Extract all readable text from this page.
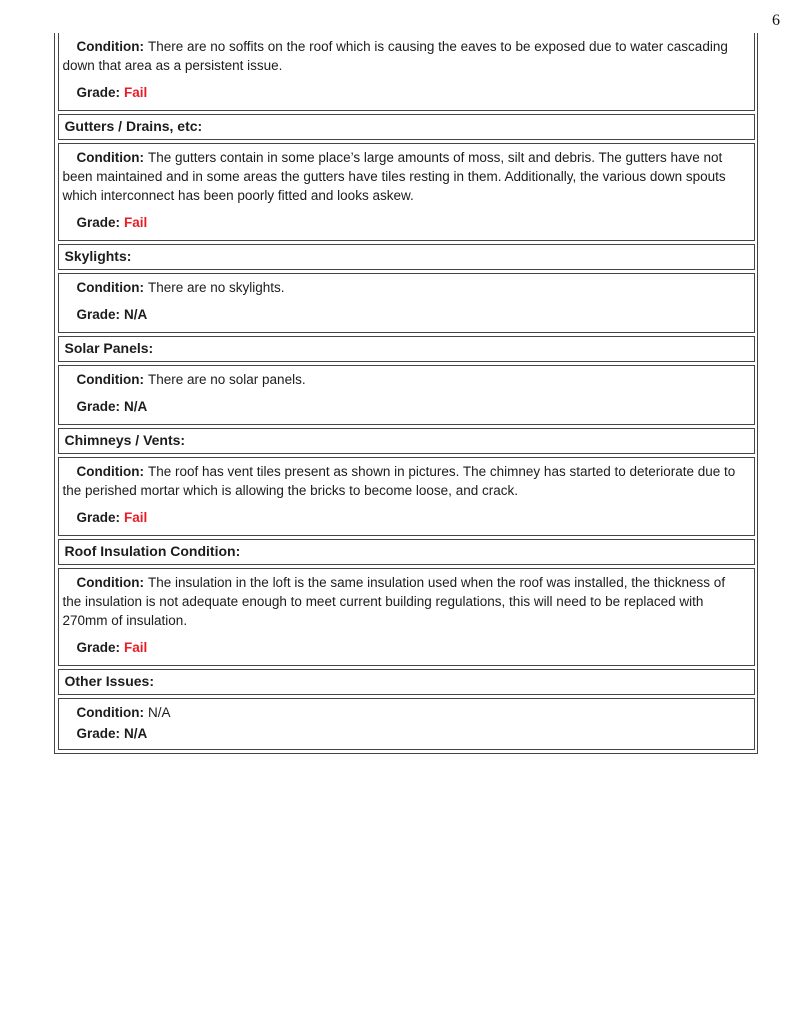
6

Condition: There are no soffits on the roof which is causing the eaves to be exposed due to water cascading down that area as a persistent issue.

Grade: Fail

Gutters / Drains, etc:

Condition: The gutters contain in some place’s large amounts of moss, silt and debris. The gutters have not been maintained and in some areas the gutters have tiles resting in them. Additionally, the various down spouts which interconnect has been poorly fitted and looks askew.

Grade: Fail

Skylights:

Condition: There are no skylights.

Grade: N/A

Solar Panels:

Condition: There are no solar panels.

Grade: N/A

Chimneys / Vents:

Condition: The roof has vent tiles present as shown in pictures. The chimney has started to deteriorate due to the perished mortar which is allowing the bricks to become loose, and crack.

Grade: Fail

Roof Insulation Condition:

Condition: The insulation in the loft is the same insulation used when the roof was installed, the thickness of the insulation is not adequate enough to meet current building regulations, this will need to be replaced with 270mm of insulation.

Grade: Fail

Other Issues:

Condition: N/A

Grade: N/A
